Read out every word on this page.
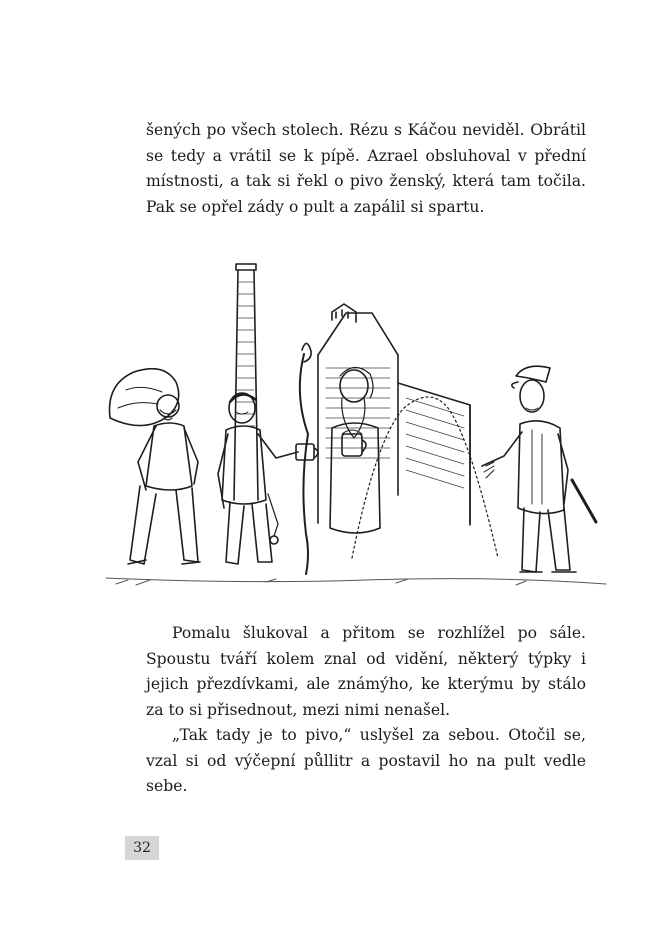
šených po všech stolech. Rézu s Káčou neviděl. Obrátil se tedy a vrátil se k pípě. Azrael obsluhoval v přední místnosti, a tak si řekl o pivo ženský, která tam točila. Pak se opřel zády o pult a zapálil si spartu.

Pomalu šlukoval a přitom se rozhlížel po sále. Spoustu tváří kolem znal od vidění, některý týpky i jejich přezdívkami, ale známýho, ke kterýmu by stálo za to si přisednout, mezi nimi nenašel.

„Tak tady je to pivo,“ uslyšel za sebou. Otočil se, vzal si od výčepní půllitr a postavil ho na pult vedle sebe.

32
